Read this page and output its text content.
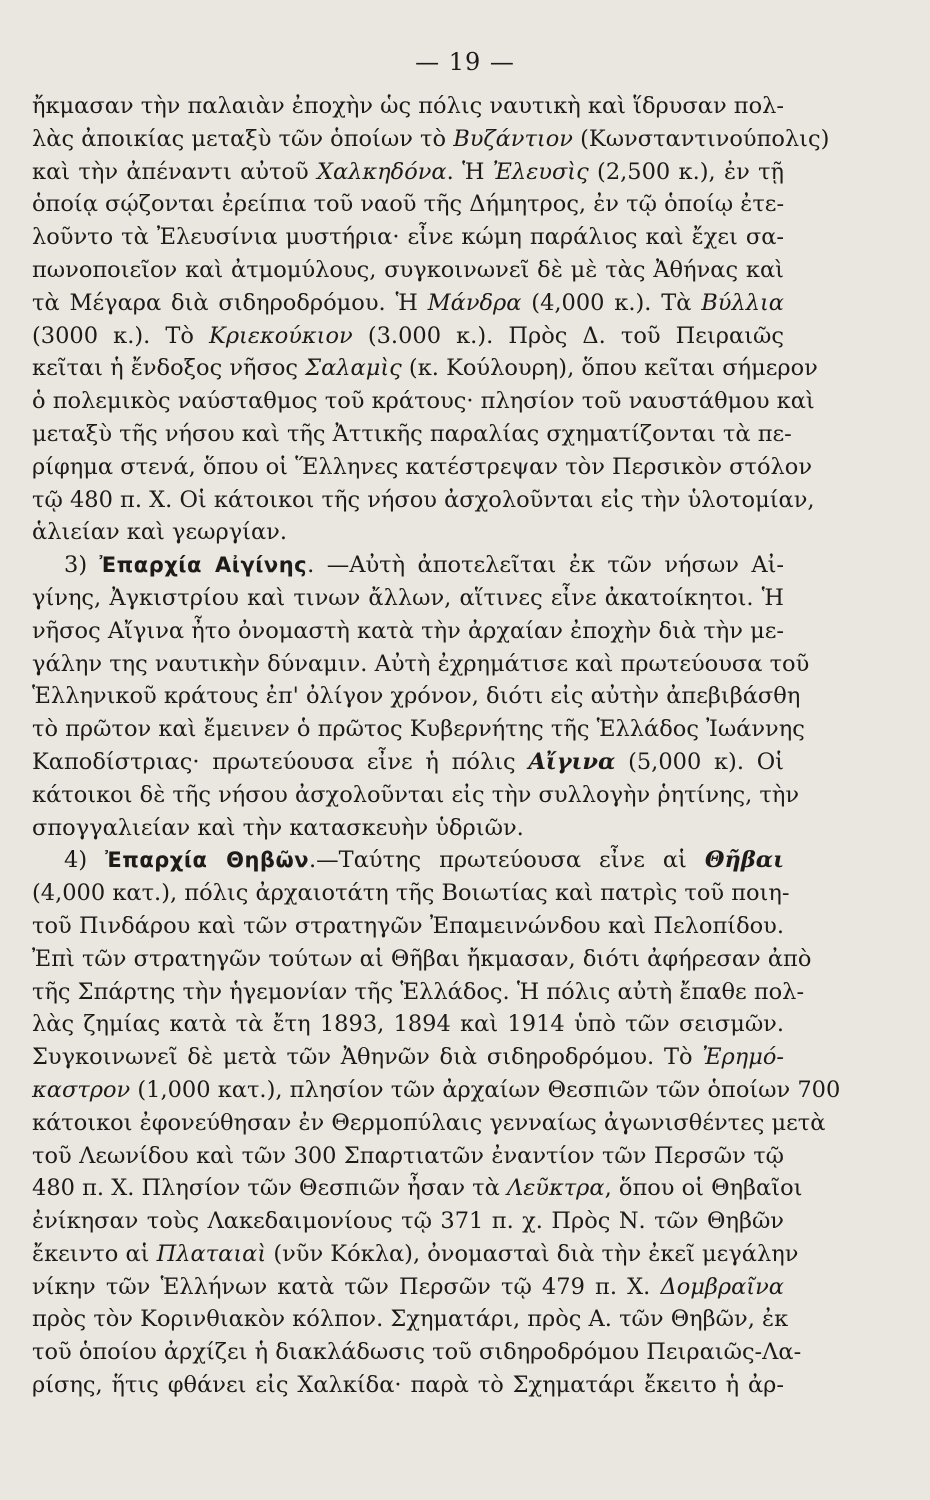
— 19 —
ἤκμασαν τὴν παλαιὰν ἐποχὴν ὡς πόλις ναυτικὴ καὶ ἵδρυσαν πολ-
λὰς ἀποικίας μεταξὺ τῶν ὁποίων τὸ Βυζάντιον (Κωνσταντινούπολις)
καὶ τὴν ἀπέναντι αὐτοῦ Χαλκηδόνα. Ἡ Ἐλευσὶς (2,500 κ.), ἐν τῇ
ὁποίᾳ σῴζονται ἐρείπια τοῦ ναοῦ τῆς Δήμητρος, ἐν τῷ ὁποίῳ ἐτε-
λοῦντο τὰ Ἐλευσίνια μυστήρια· εἶνε κώμη παράλιος καὶ ἔχει σα-
πωνοποιεῖον καὶ ἀτμομύλους, συγκοινωνεῖ δὲ μὲ τὰς Ἀθήνας καὶ
τὰ Μέγαρα διὰ σιδηροδρόμου. Ἡ Μάνδρα (4,000 κ.). Τὰ Βύλλια
(3000 κ.). Τὸ Κριεκούκιον (3.000 κ.). Πρὸς Δ. τοῦ Πειραιῶς
κεῖται ἡ ἔνδοξος νῆσος Σαλαμὶς (κ. Κούλουρη), ὅπου κεῖται σήμερον
ὁ πολεμικὸς ναύσταθμος τοῦ κράτους· πλησίον τοῦ ναυστάθμου καὶ
μεταξὺ τῆς νήσου καὶ τῆς Ἀττικῆς παραλίας σχηματίζονται τὰ πε-
ρίφημα στενά, ὅπου οἱ Ἕλληνες κατέστρεψαν τὸν Περσικὸν στόλον
τῷ 480 π. Χ. Οἱ κάτοικοι τῆς νήσου ἀσχολοῦνται εἰς τὴν ὑλοτομίαν,
ἁλιείαν καὶ γεωργίαν.
3) Ἐπαρχία Αἰγίνης. —Αὐτὴ ἀποτελεῖται ἐκ τῶν νήσων Αἰ-
γίνης, Ἀγκιστρίου καὶ τινων ἄλλων, αἵτινες εἶνε ἀκατοίκητοι. Ἡ
νῆσος Αἴγινα ἦτο ὀνομαστὴ κατὰ τὴν ἀρχαίαν ἐποχὴν διὰ τὴν με-
γάλην της ναυτικὴν δύναμιν. Αὐτὴ ἐχρημάτισε καὶ πρωτεύουσα τοῦ
Ἑλληνικοῦ κράτους ἐπ' ὀλίγον χρόνον, διότι εἰς αὐτὴν ἀπεβιβάσθη
τὸ πρῶτον καὶ ἔμεινεν ὁ πρῶτος Κυβερνήτης τῆς Ἑλλάδος Ἰωάννης
Καποδίστριας· πρωτεύουσα εἶνε ἡ πόλις Αἴγινα (5,000 κ). Οἱ
κάτοικοι δὲ τῆς νήσου ἀσχολοῦνται εἰς τὴν συλλογὴν ῥητίνης, τὴν
σπογγαλιείαν καὶ τὴν κατασκευὴν ὑδριῶν.
4) Ἐπαρχία Θηβῶν.—Ταύτης πρωτεύουσα εἶνε αἱ Θῆβαι
(4,000 κατ.), πόλις ἀρχαιοτάτη τῆς Βοιωτίας καὶ πατρὶς τοῦ ποιη-
τοῦ Πινδάρου καὶ τῶν στρατηγῶν Ἐπαμεινώνδου καὶ Πελοπίδου.
Ἐπὶ τῶν στρατηγῶν τούτων αἱ Θῆβαι ἤκμασαν, διότι ἀφήρεσαν ἀπὸ
τῆς Σπάρτης τὴν ἡγεμονίαν τῆς Ἑλλάδος. Ἡ πόλις αὐτὴ ἔπαθε πολ-
λὰς ζημίας κατὰ τὰ ἔτη 1893, 1894 καὶ 1914 ὑπὸ τῶν σεισμῶν.
Συγκοινωνεῖ δὲ μετὰ τῶν Ἀθηνῶν διὰ σιδηροδρόμου. Τὸ Ἐρημό-
καστρον (1,000 κατ.), πλησίον τῶν ἀρχαίων Θεσπιῶν τῶν ὁποίων 700
κάτοικοι ἐφονεύθησαν ἐν Θερμοπύλαις γενναίως ἀγωνισθέντες μετὰ
τοῦ Λεωνίδου καὶ τῶν 300 Σπαρτιατῶν ἐναντίον τῶν Περσῶν τῷ
480 π. Χ. Πλησίον τῶν Θεσπιῶν ἦσαν τὰ Λεῦκτρα, ὅπου οἱ Θηβαῖοι
ἐνίκησαν τοὺς Λακεδαιμονίους τῷ 371 π. χ. Πρὸς Ν. τῶν Θηβῶν
ἔκειντο αἱ Πλαταιαὶ (νῦν Κόκλα), ὀνομασταὶ διὰ τὴν ἐκεῖ μεγάλην
νίκην τῶν Ἑλλήνων κατὰ τῶν Περσῶν τῷ 479 π. Χ. Δομβραῖνα
πρὸς τὸν Κορινθιακὸν κόλπον. Σχηματάρι, πρὸς Α. τῶν Θηβῶν, ἐκ
τοῦ ὁποίου ἀρχίζει ἡ διακλάδωσις τοῦ σιδηροδρόμου Πειραιῶς-Λα-
ρίσης, ἥτις φθάνει εἰς Χαλκίδα· παρὰ τὸ Σχηματάρι ἔκειτο ἡ ἀρ-
